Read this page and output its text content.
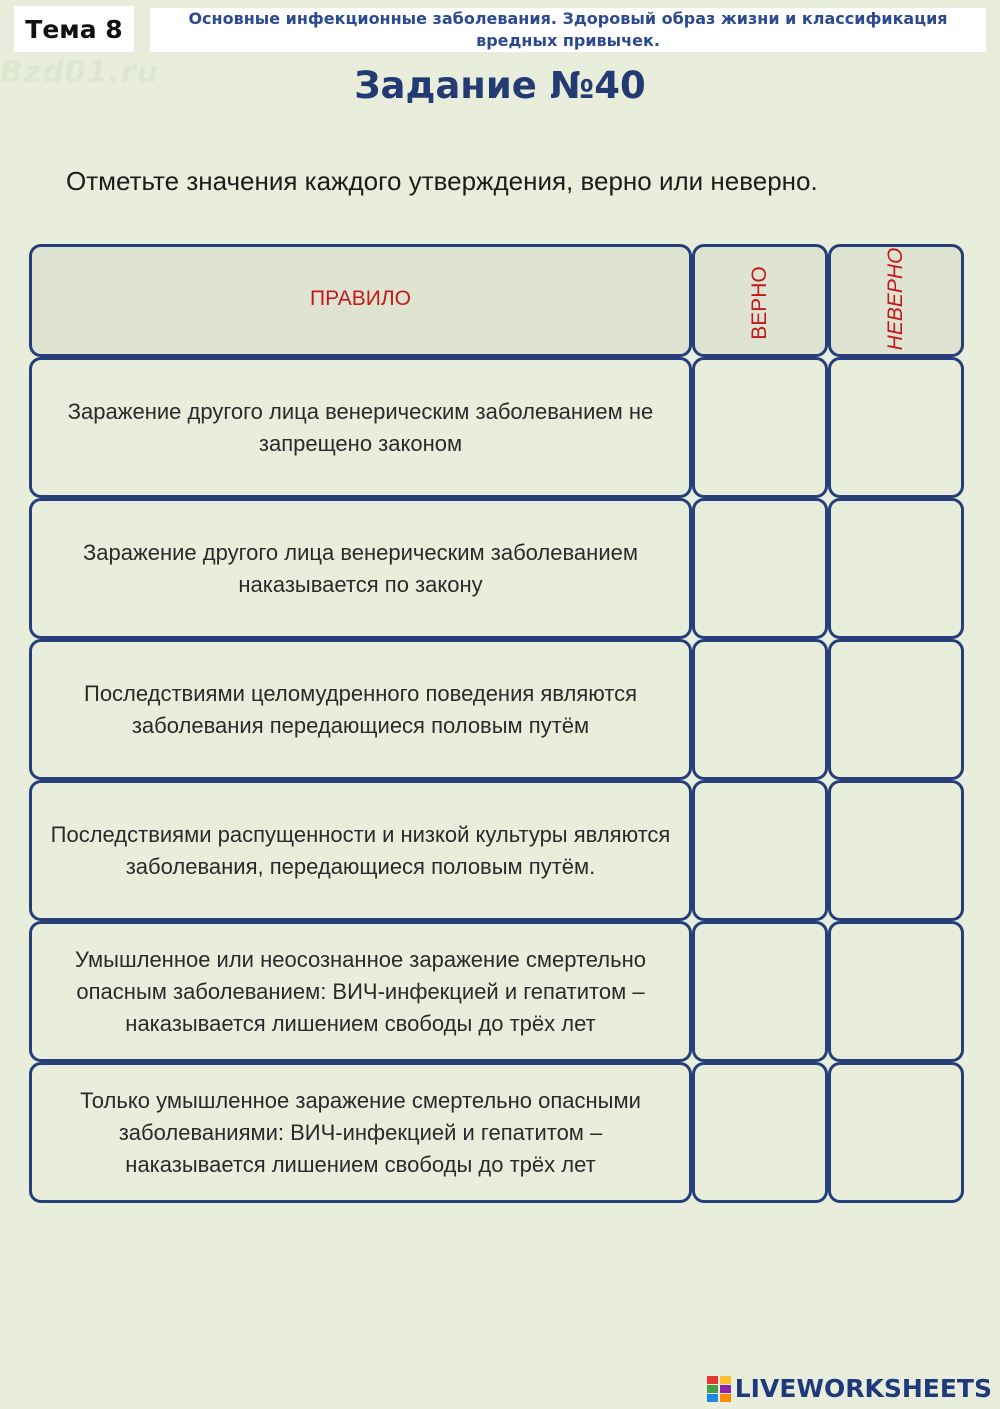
Bzd01.ru
Тема 8	Основные инфекционные заболевания. Здоровый образ жизни и классификация вредных привычек.
Задание №40
Отметьте значения каждого утверждения, верно или неверно.
ПРАВИЛО	ВЕРНО	НЕВЕРНО
Заражение другого лица венерическим заболеванием не запрещено законом
Заражение другого лица венерическим заболеванием наказывается по закону
Последствиями целомудренного поведения являются заболевания передающиеся половым путём
Последствиями распущенности и низкой культуры являются заболевания, передающиеся половым путём.
Умышленное или неосознанное заражение смертельно опасным заболеванием: ВИЧ-инфекцией и гепатитом – наказывается лишением свободы до трёх лет
Только умышленное заражение смертельно опасными заболеваниями: ВИЧ-инфекцией и гепатитом – наказывается лишением свободы до трёх лет
LIVEWORKSHEETS
